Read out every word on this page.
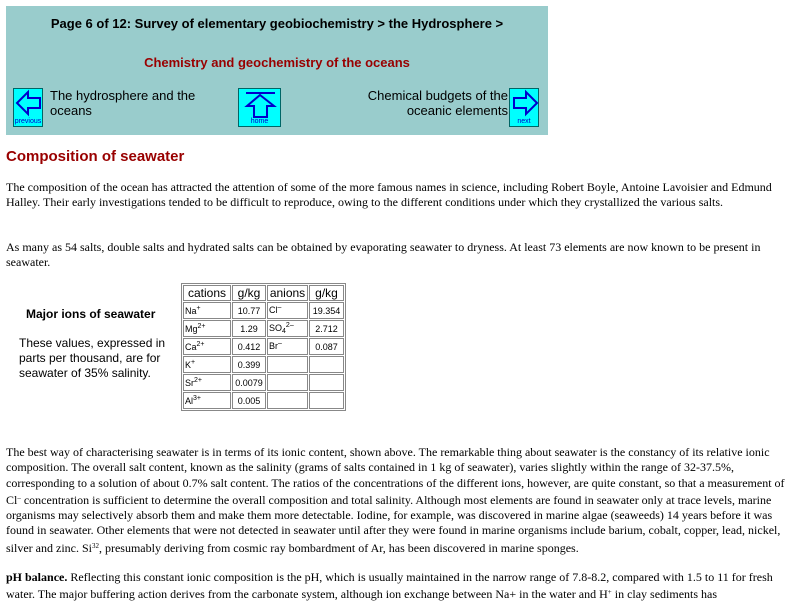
Page 6 of 12: Survey of elementary geobiochemistry > the Hydrosphere >
Chemistry and geochemistry of the oceans
previous
The hydrosphere and the oceans
home
Chemical budgets of the oceanic elements
next
Composition of seawater

The composition of the ocean has attracted the attention of some of the more famous names in science, including Robert Boyle, Antoine Lavoisier and Edmund Halley. Their early investigations tended to be difficult to reproduce, owing to the different conditions under which they crystallized the various salts.

As many as 54 salts, double salts and hydrated salts can be obtained by evaporating seawater to dryness. At least 73 elements are now known to be present in seawater.

Major ions of seawater
These values, expressed in parts per thousand, are for seawater of 35% salinity.
cations	g/kg	anions	g/kg
Na+	10.77	Cl–	19.354
$Mg^{2+}$	1.29	$SO_4^{2-}$	2.712
$Ca^{2+}$	0.412	Br–	0.087
K+	0.399		
$Sr^{2+}$	0.0079		
$Al^{3+}$	0.005		

The best way of characterising seawater is in terms of its ionic content, shown above. The remarkable thing about seawater is the constancy of its relative ionic composition. The overall salt content, known as the salinity (grams of salts contained in 1 kg of seawater), varies slightly within the range of 32-37.5%, corresponding to a solution of about 0.7% salt content. The ratios of the concentrations of the different ions, however, are quite constant, so that a measurement of Cl– concentration is sufficient to determine the overall composition and total salinity. Although most elements are found in seawater only at trace levels, marine organisms may selectively absorb them and make them more detectable. Iodine, for example, was discovered in marine algae (seaweeds) 14 years before it was found in seawater. Other elements that were not detected in seawater until after they were found in marine organisms include barium, cobalt, copper, lead, nickel, silver and zinc. Si$^{32}$, presumably deriving from cosmic ray bombardment of Ar, has been discovered in marine sponges.

pH balance. Reflecting this constant ionic composition is the pH, which is usually maintained in the narrow range of 7.8-8.2, compared with 1.5 to 11 for fresh water. The major buffering action derives from the carbonate system, although ion exchange between Na+ in the water and H+ in clay sediments has
